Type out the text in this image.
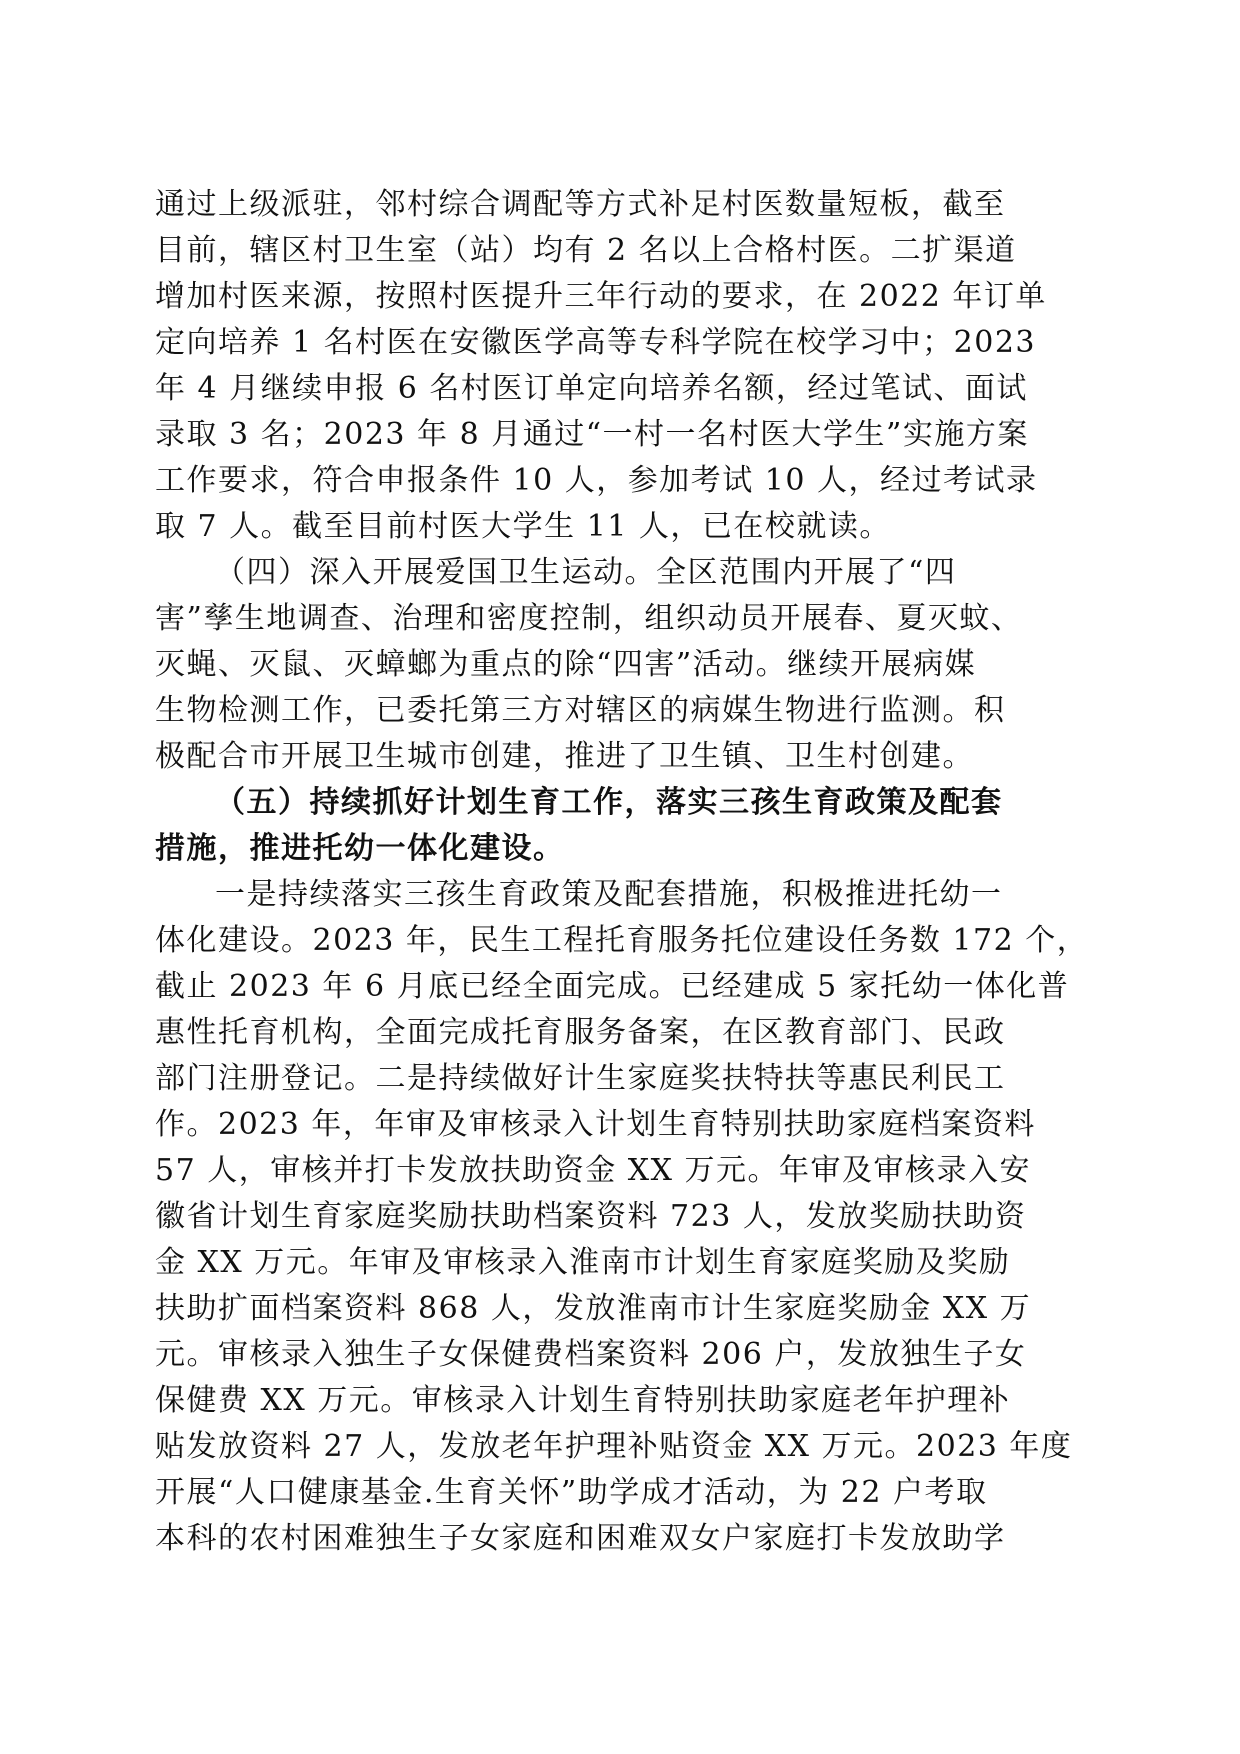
通过上级派驻，邻村综合调配等方式补足村医数量短板，截至
目前，辖区村卫生室（站）均有 2 名以上合格村医。二扩渠道
增加村医来源，按照村医提升三年行动的要求，在 2022 年订单
定向培养 1 名村医在安徽医学高等专科学院在校学习中；2023
年 4 月继续申报 6 名村医订单定向培养名额，经过笔试、面试
录取 3 名；2023 年 8 月通过“一村一名村医大学生”实施方案
工作要求，符合申报条件 10 人，参加考试 10 人，经过考试录
取 7 人。截至目前村医大学生 11 人，已在校就读。
（四）深入开展爱国卫生运动。全区范围内开展了“四
害”孳生地调查、治理和密度控制，组织动员开展春、夏灭蚊、
灭蝇、灭鼠、灭蟑螂为重点的除“四害”活动。继续开展病媒
生物检测工作，已委托第三方对辖区的病媒生物进行监测。积
极配合市开展卫生城市创建，推进了卫生镇、卫生村创建。
（五）持续抓好计划生育工作，落实三孩生育政策及配套
措施，推进托幼一体化建设。
一是持续落实三孩生育政策及配套措施，积极推进托幼一
体化建设。2023 年，民生工程托育服务托位建设任务数 172 个，
截止 2023 年 6 月底已经全面完成。已经建成 5 家托幼一体化普
惠性托育机构，全面完成托育服务备案，在区教育部门、民政
部门注册登记。二是持续做好计生家庭奖扶特扶等惠民利民工
作。2023 年，年审及审核录入计划生育特别扶助家庭档案资料
57 人，审核并打卡发放扶助资金 XX 万元。年审及审核录入安
徽省计划生育家庭奖励扶助档案资料 723 人，发放奖励扶助资
金 XX 万元。年审及审核录入淮南市计划生育家庭奖励及奖励
扶助扩面档案资料 868 人，发放淮南市计生家庭奖励金 XX 万
元。审核录入独生子女保健费档案资料 206 户，发放独生子女
保健费 XX 万元。审核录入计划生育特别扶助家庭老年护理补
贴发放资料 27 人，发放老年护理补贴资金 XX 万元。2023 年度
开展“人口健康基金.生育关怀”助学成才活动，为 22 户考取
本科的农村困难独生子女家庭和困难双女户家庭打卡发放助学
